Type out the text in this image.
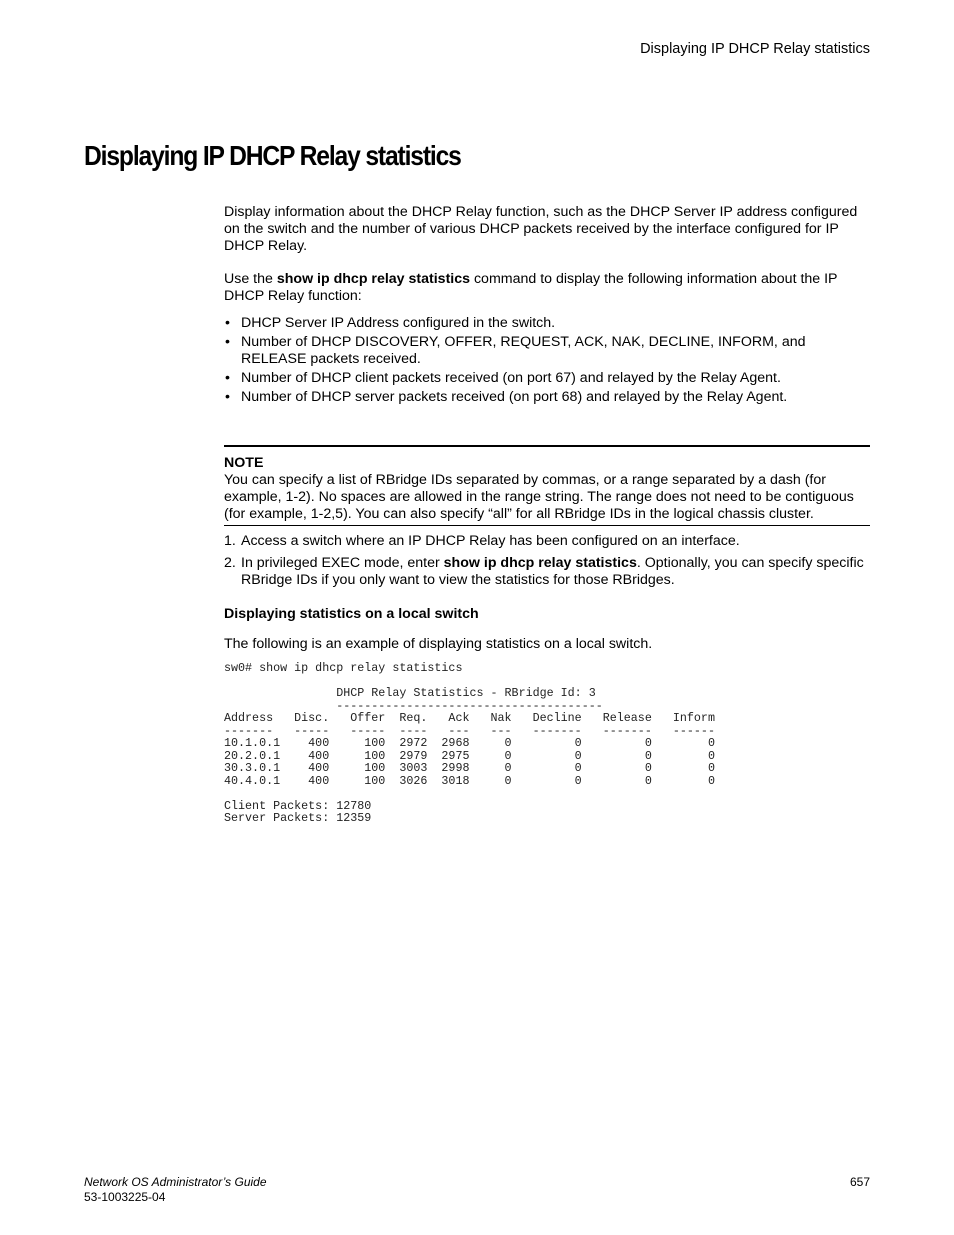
Displaying IP DHCP Relay statistics
Displaying IP DHCP Relay statistics

Display information about the DHCP Relay function, such as the DHCP Server IP address configured on the switch and the number of various DHCP packets received by the interface configured for IP DHCP Relay.

Use the show ip dhcp relay statistics command to display the following information about the IP DHCP Relay function:

• DHCP Server IP Address configured in the switch.
• Number of DHCP DISCOVERY, OFFER, REQUEST, ACK, NAK, DECLINE, INFORM, and RELEASE packets received.
• Number of DHCP client packets received (on port 67) and relayed by the Relay Agent.
• Number of DHCP server packets received (on port 68) and relayed by the Relay Agent.
NOTE
You can specify a list of RBridge IDs separated by commas, or a range separated by a dash (for example, 1-2). No spaces are allowed in the range string. The range does not need to be contiguous (for example, 1-2,5). You can also specify “all” for all RBridge IDs in the logical chassis cluster.
1. Access a switch where an IP DHCP Relay has been configured on an interface.
2. In privileged EXEC mode, enter show ip dhcp relay statistics. Optionally, you can specify specific RBridge IDs if you only want to view the statistics for those RBridges.

Displaying statistics on a local switch

The following is an example of displaying statistics on a local switch.

sw0# show ip dhcp relay statistics

DHCP Relay Statistics - RBridge Id: 3
--------------------------------------
Address   Disc.   Offer  Req.   Ack   Nak   Decline   Release   Inform
-------   -----   -----  ----   ---   ---   -------   -------   ------
10.1.0.1    400     100  2972  2968     0         0         0        0
20.2.0.1    400     100  2979  2975     0         0         0        0
30.3.0.1    400     100  3003  2998     0         0         0        0
40.4.0.1    400     100  3026  3018     0         0         0        0

Client Packets: 12780
Server Packets: 12359
Network OS Administrator’s Guide
53-1003225-04
657
